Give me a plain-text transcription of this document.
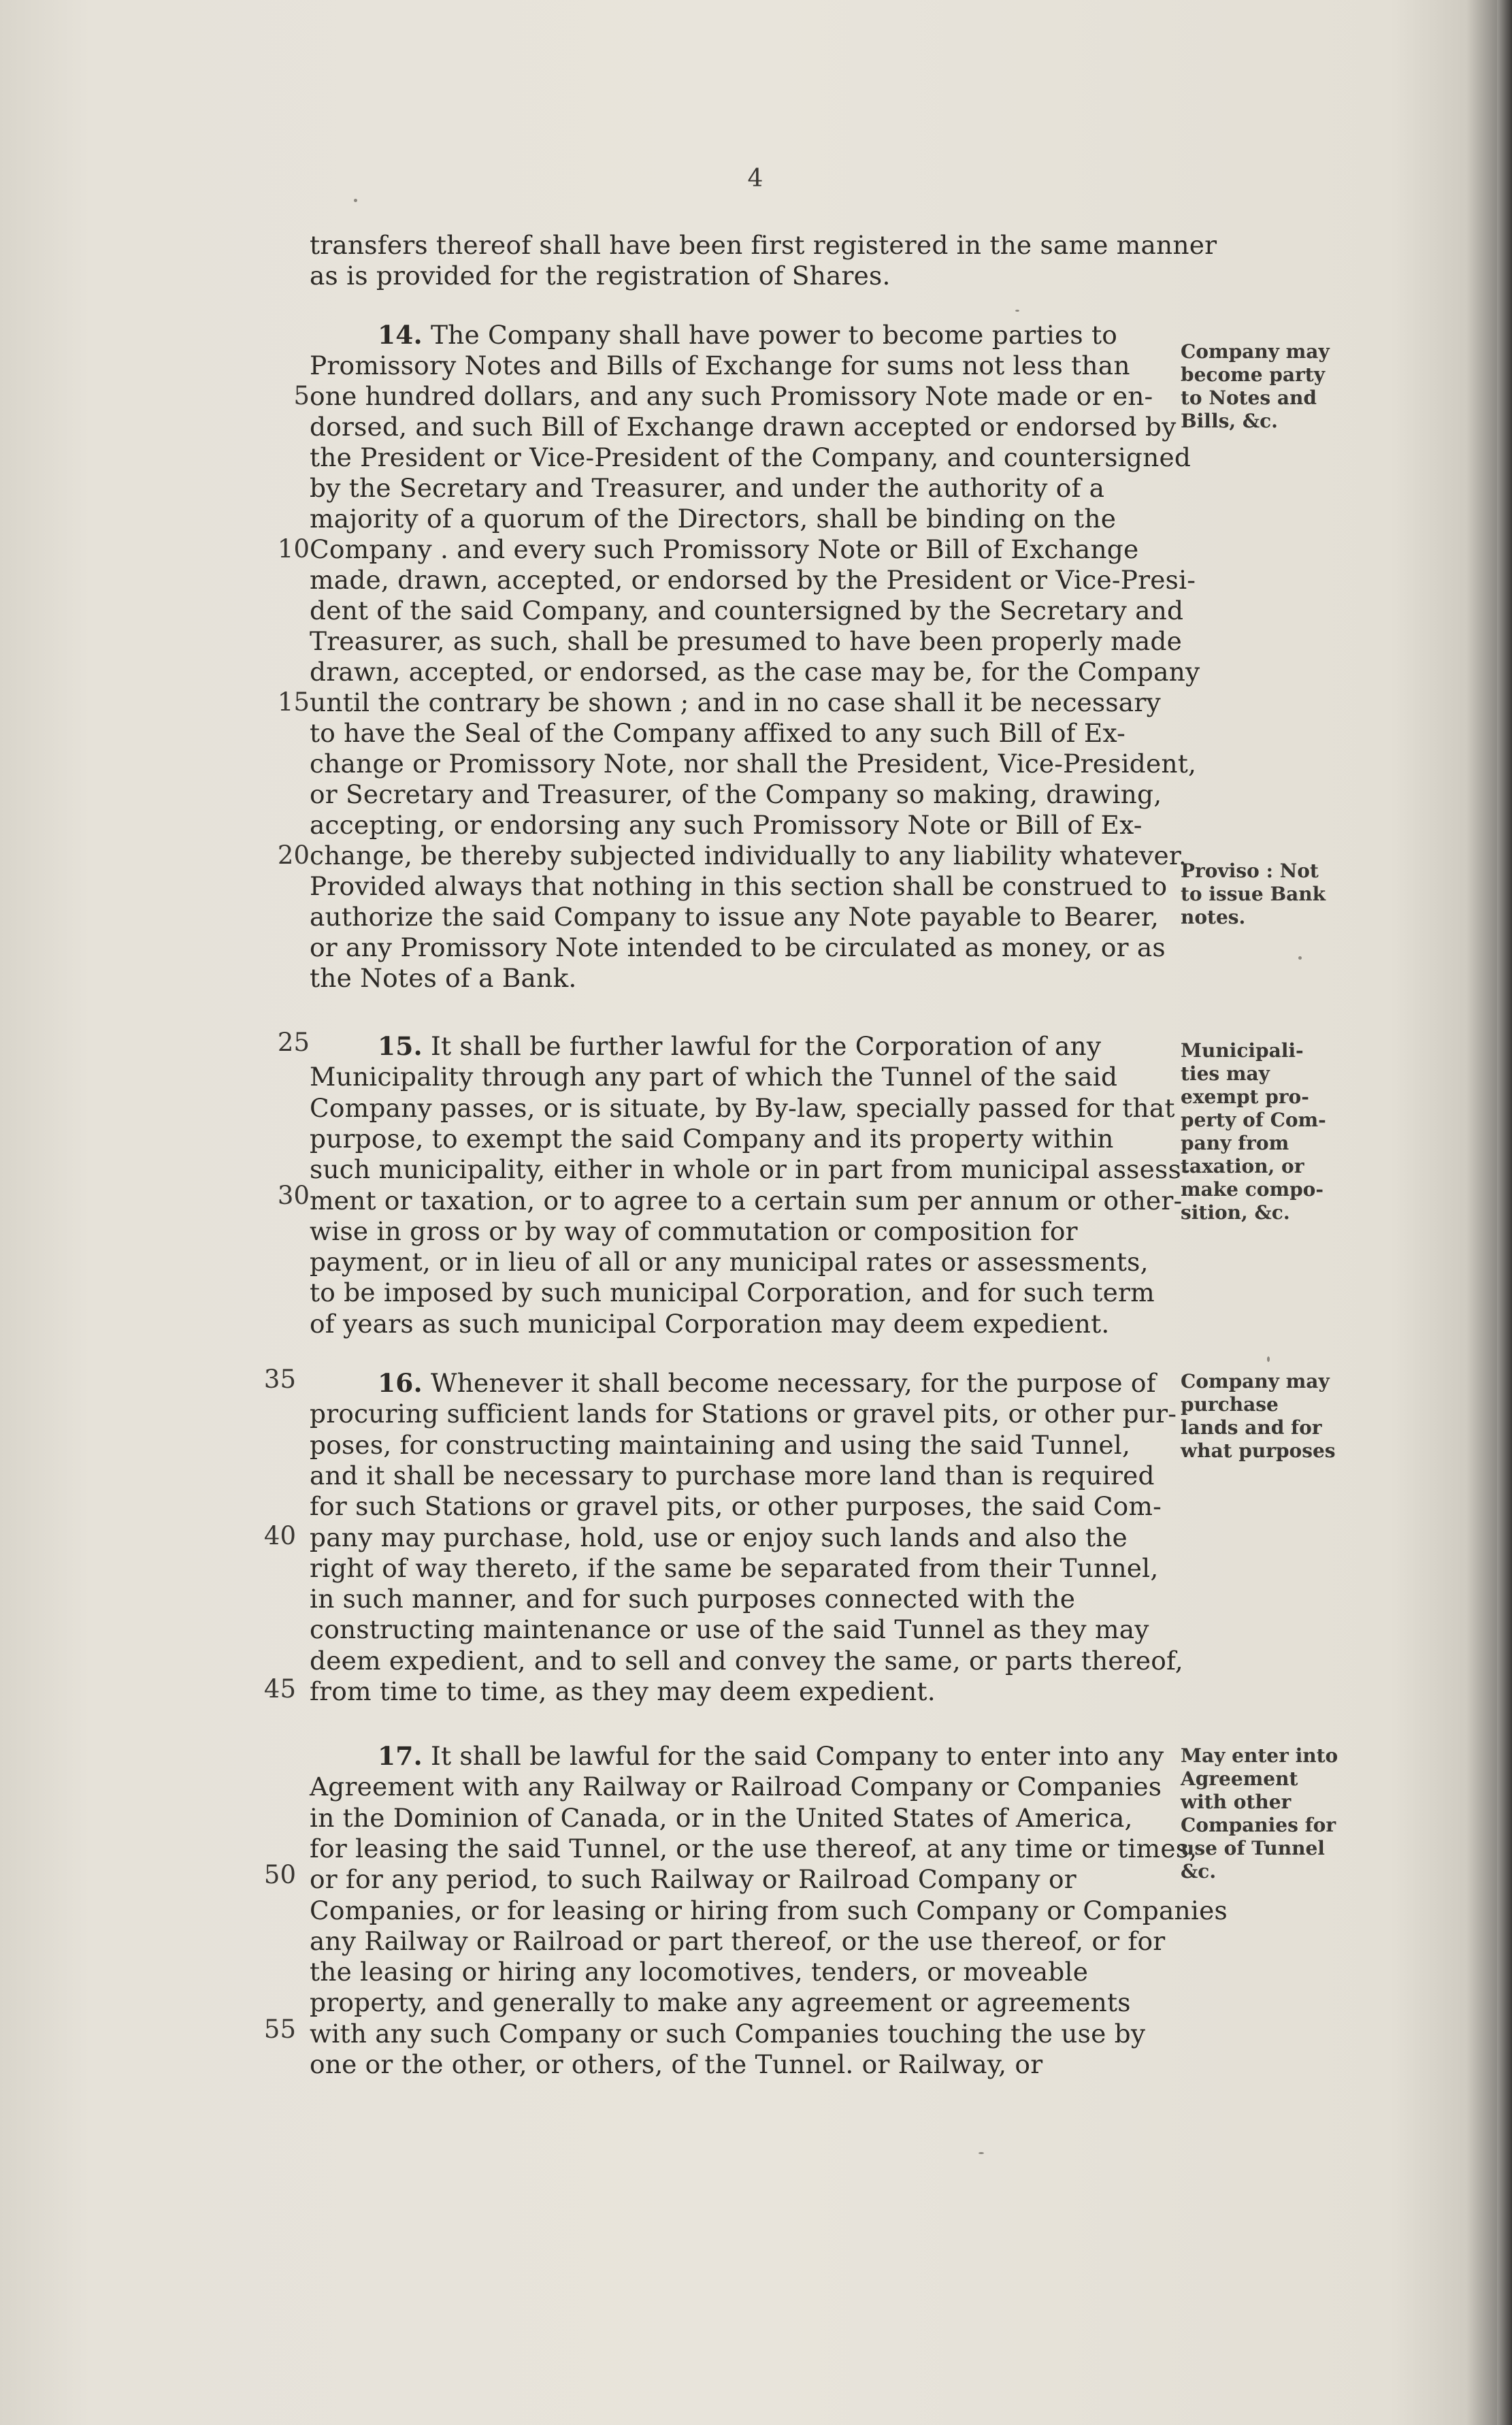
4
transfers thereof shall have been first registered in the same manner
as is provided for the registration of Shares.
14. The Company shall have power to become parties to
Promissory Notes and Bills of Exchange for sums not less than
one hundred dollars, and any such Promissory Note made or en-
dorsed, and such Bill of Exchange drawn accepted or endorsed by
the President or Vice-President of the Company, and countersigned
by the Secretary and Treasurer, and under the authority of a
majority of a quorum of the Directors, shall be binding on the
Company . and every such Promissory Note or Bill of Exchange
made, drawn, accepted, or endorsed by the President or Vice-Presi-
dent of the said Company, and countersigned by the Secretary and
Treasurer, as such, shall be presumed to have been properly made
drawn, accepted, or endorsed, as the case may be, for the Company
until the contrary be shown ; and in no case shall it be necessary
to have the Seal of the Company affixed to any such Bill of Ex-
change or Promissory Note, nor shall the President, Vice-President,
or Secretary and Treasurer, of the Company so making, drawing,
accepting, or endorsing any such Promissory Note or Bill of Ex-
change, be thereby subjected individually to any liability whatever.
Provided always that nothing in this section shall be construed to
authorize the said Company to issue any Note payable to Bearer,
or any Promissory Note intended to be circulated as money, or as
the Notes of a Bank.
15. It shall be further lawful for the Corporation of any
Municipality through any part of which the Tunnel of the said
Company passes, or is situate, by By-law, specially passed for that
purpose, to exempt the said Company and its property within
such municipality, either in whole or in part from municipal assess-
ment or taxation, or to agree to a certain sum per annum or other-
wise in gross or by way of commutation or composition for
payment, or in lieu of all or any municipal rates or assessments,
to be imposed by such municipal Corporation, and for such term
of years as such municipal Corporation may deem expedient.
16. Whenever it shall become necessary, for the purpose of
procuring sufficient lands for Stations or gravel pits, or other pur-
poses, for constructing maintaining and using the said Tunnel,
and it shall be necessary to purchase more land than is required
for such Stations or gravel pits, or other purposes, the said Com-
pany may purchase, hold, use or enjoy such lands and also the
right of way thereto, if the same be separated from their Tunnel,
in such manner, and for such purposes connected with the
constructing maintenance or use of the said Tunnel as they may
deem expedient, and to sell and convey the same, or parts thereof,
from time to time, as they may deem expedient.
17. It shall be lawful for the said Company to enter into any
Agreement with any Railway or Railroad Company or Companies
in the Dominion of Canada, or in the United States of America,
for leasing the said Tunnel, or the use thereof, at any time or times,
or for any period, to such Railway or Railroad Company or
Companies, or for leasing or hiring from such Company or Companies
any Railway or Railroad or part thereof, or the use thereof, or for
the leasing or hiring any locomotives, tenders, or moveable
property, and generally to make any agreement or agreements
with any such Company or such Companies touching the use by
one or the other, or others, of the Tunnel. or Railway, or
5
10
15
20
25
30
35
40
45
50
55
Company may
become party
to Notes and
Bills, &c.
Proviso : Not
to issue Bank
notes.
Municipali-
ties may
exempt pro-
perty of Com-
pany from
taxation, or
make compo-
sition, &c.
Company may
purchase
lands and for
what purposes
May enter into
Agreement
with other
Companies for
use of Tunnel
&c.
